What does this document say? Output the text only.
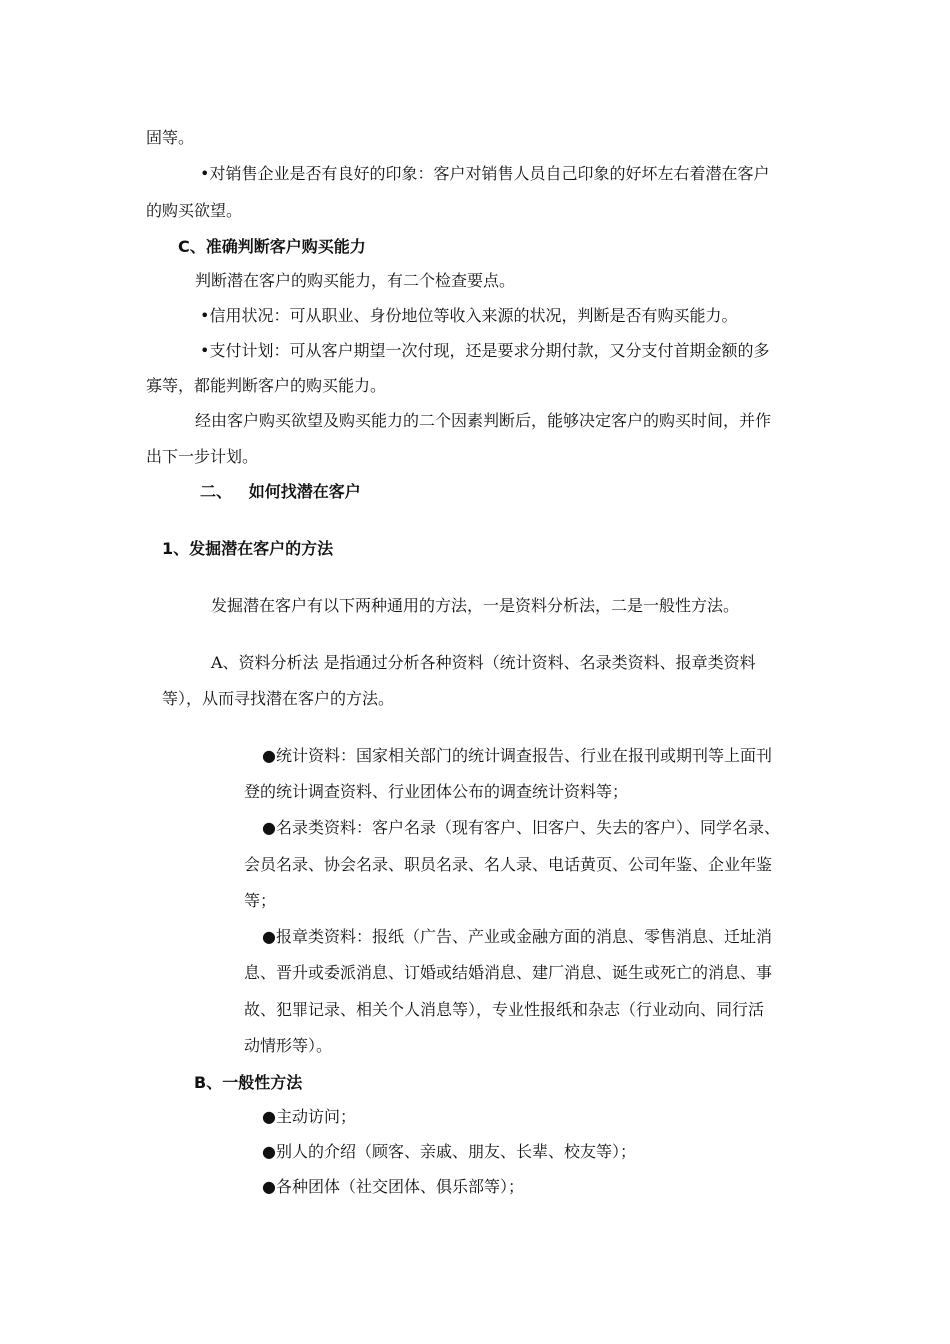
固等。
•对销售企业是否有良好的印象：客户对销售人员自己印象的好坏左右着潜在客户
的购买欲望。
C、准确判断客户购买能力
判断潜在客户的购买能力，有二个检查要点。
•信用状况：可从职业、身份地位等收入来源的状况，判断是否有购买能力。
•支付计划：可从客户期望一次付现，还是要求分期付款，又分支付首期金额的多
寡等，都能判断客户的购买能力。
经由客户购买欲望及购买能力的二个因素判断后，能够决定客户的购买时间，并作
出下一步计划。
二、   如何找潜在客户
1、发掘潜在客户的方法
发掘潜在客户有以下两种通用的方法，一是资料分析法，二是一般性方法。
A、资料分析法 是指通过分析各种资料（统计资料、名录类资料、报章类资料
等），从而寻找潜在客户的方法。
●统计资料：国家相关部门的统计调查报告、行业在报刊或期刊等上面刊
登的统计调查资料、行业团体公布的调查统计资料等；
●名录类资料：客户名录（现有客户、旧客户、失去的客户）、同学名录、
会员名录、协会名录、职员名录、名人录、电话黄页、公司年鉴、企业年鉴
等；
●报章类资料：报纸（广告、产业或金融方面的消息、零售消息、迁址消
息、晋升或委派消息、订婚或结婚消息、建厂消息、诞生或死亡的消息、事
故、犯罪记录、相关个人消息等），专业性报纸和杂志（行业动向、同行活
动情形等）。
B、一般性方法
●主动访问；
●别人的介绍（顾客、亲戚、朋友、长辈、校友等）；
●各种团体（社交团体、俱乐部等）；
